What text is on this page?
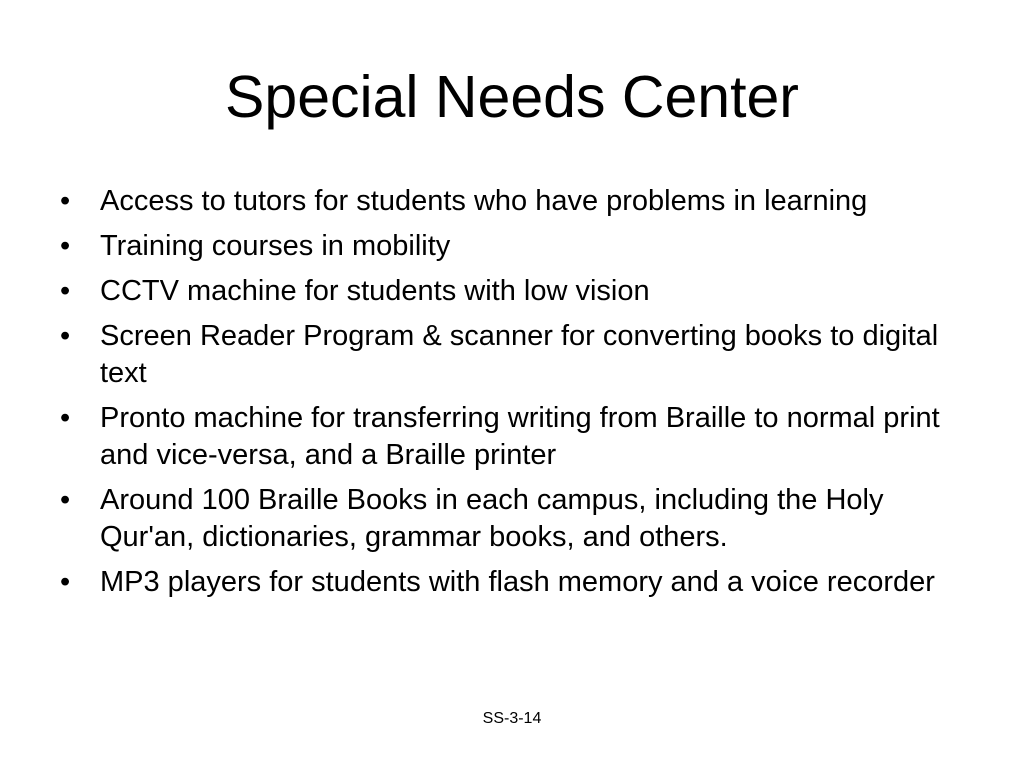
Special Needs Center
•	Access to tutors for students who have problems in learning
•	Training courses in mobility
•	CCTV machine for students with low vision
•	Screen Reader Program & scanner for converting books to digital text
•	Pronto machine for transferring writing from Braille to normal print and vice-versa, and a Braille printer
•	Around 100 Braille Books in each campus, including the Holy Qur'an, dictionaries, grammar books, and others.
•	MP3 players for students with flash memory and a voice recorder
SS-3-14
